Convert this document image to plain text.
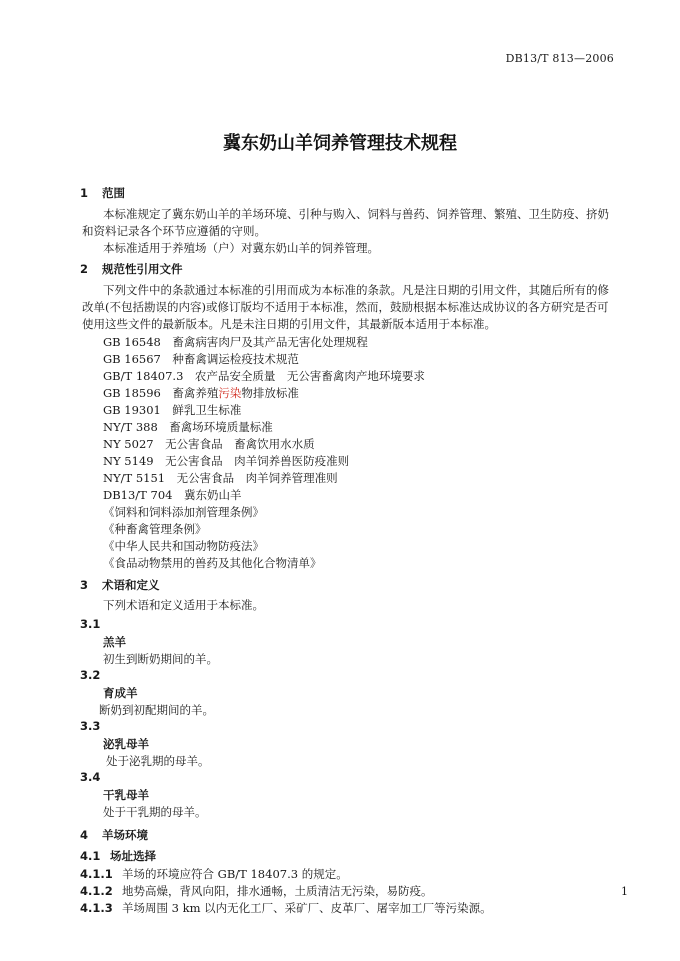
DB13/T 813—2006
冀东奶山羊饲养管理技术规程
1 范围
本标准规定了冀东奶山羊的羊场环境、引种与购入、饲料与兽药、饲养管理、繁殖、卫生防疫、挤奶
和资料记录各个环节应遵循的守则。
本标准适用于养殖场（户）对冀东奶山羊的饲养管理。
2 规范性引用文件
下列文件中的条款通过本标准的引用而成为本标准的条款。凡是注日期的引用文件，其随后所有的修
改单(不包括勘误的内容)或修订版均不适用于本标准，然而，鼓励根据本标准达成协议的各方研究是否可
使用这些文件的最新版本。凡是未注日期的引用文件，其最新版本适用于本标准。
GB 16548　畜禽病害肉尸及其产品无害化处理规程
GB 16567　种畜禽调运检疫技术规范
GB/T 18407.3　农产品安全质量　无公害畜禽肉产地环境要求
GB 18596　畜禽养殖污染物排放标准
GB 19301　鲜乳卫生标准
NY/T 388　畜禽场环境质量标准
NY 5027　无公害食品　畜禽饮用水水质
NY 5149　无公害食品　肉羊饲养兽医防疫准则
NY/T 5151　无公害食品　肉羊饲养管理准则
DB13/T 704　冀东奶山羊
《饲料和饲料添加剂管理条例》
《种畜禽管理条例》
《中华人民共和国动物防疫法》
《食品动物禁用的兽药及其他化合物清单》
3 术语和定义
下列术语和定义适用于本标准。
3.1
羔羊
初生到断奶期间的羊。
3.2
育成羊
断奶到初配期间的羊。
3.3
泌乳母羊
处于泌乳期的母羊。
3.4
干乳母羊
处于干乳期的母羊。
4 羊场环境
4.1 场址选择
4.1.1 羊场的环境应符合 GB/T 18407.3 的规定。
4.1.2 地势高燥，背风向阳，排水通畅，土质清洁无污染，易防疫。
4.1.3 羊场周围 3 km 以内无化工厂、采矿厂、皮革厂、屠宰加工厂等污染源。
1
